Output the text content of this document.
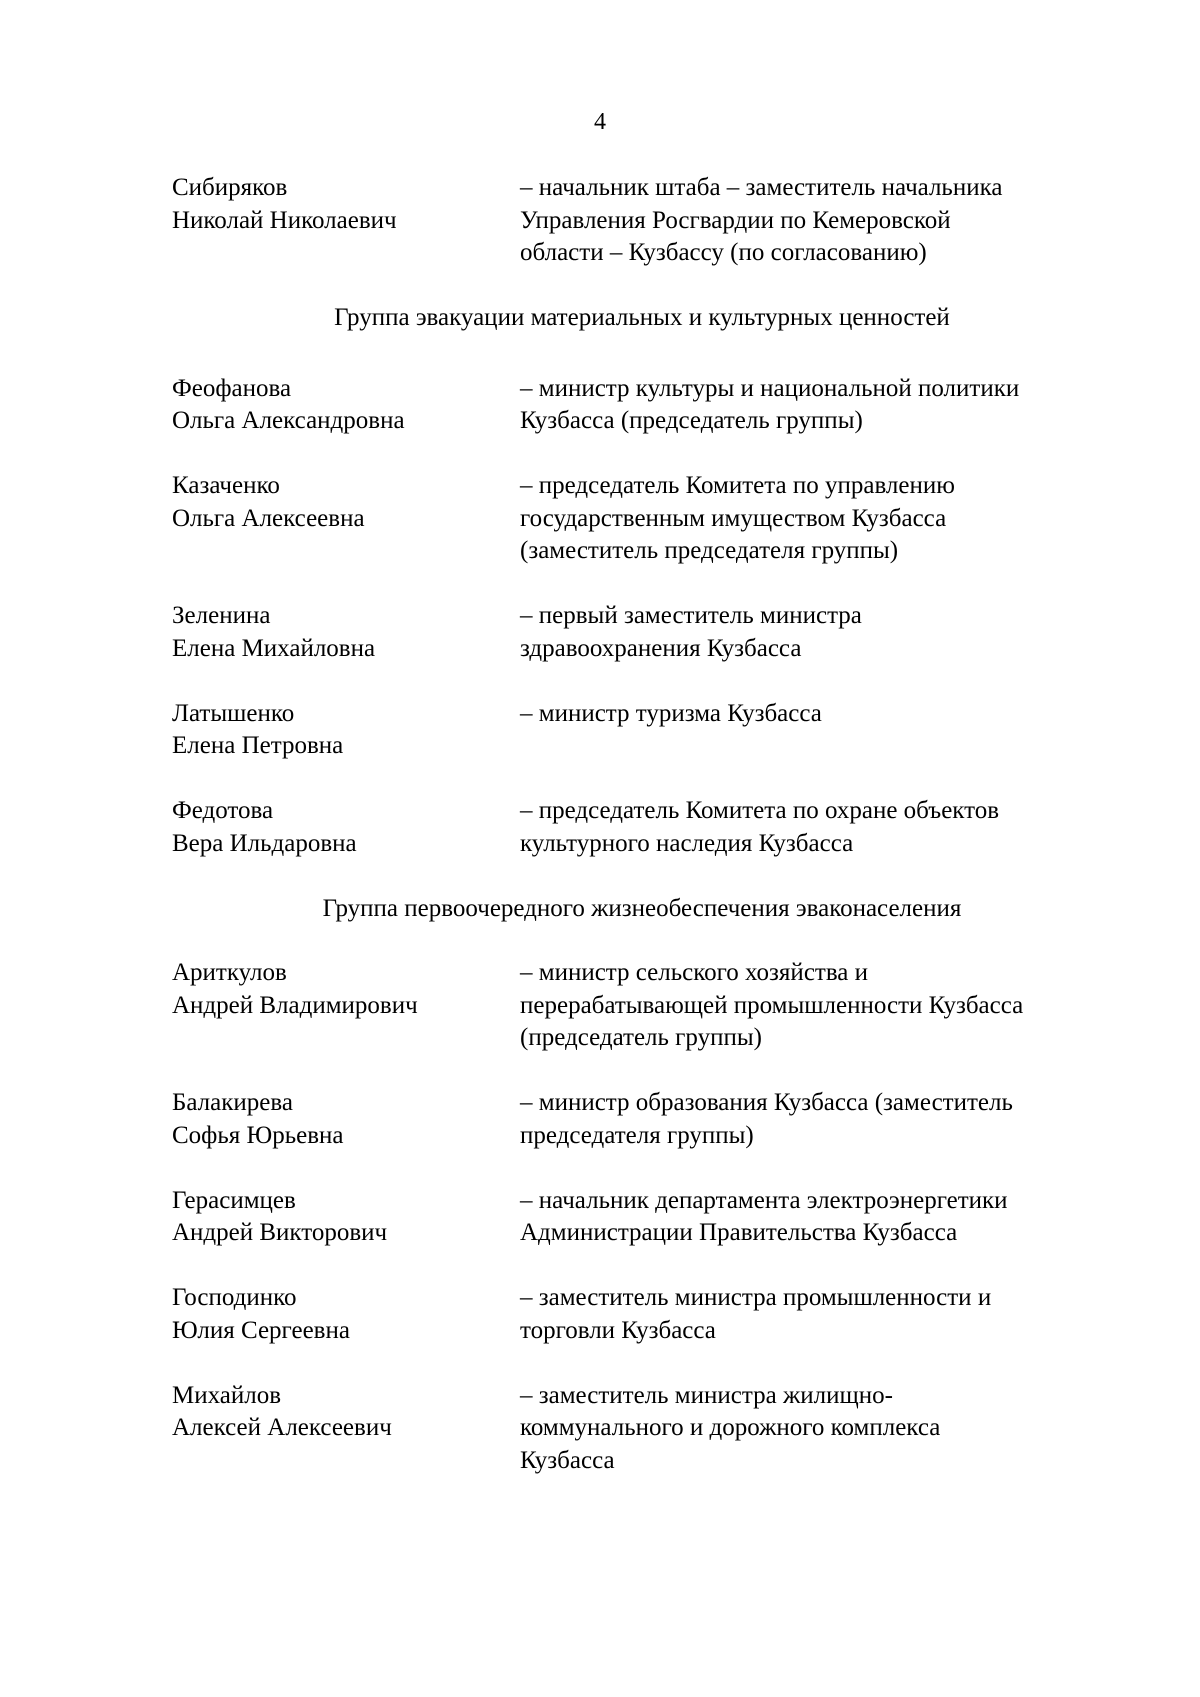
4
Сибиряков
Николай Николаевич
– начальник штаба – заместитель начальника
Управления Росгвардии по Кемеровской
области – Кузбассу (по согласованию)
Группа эвакуации материальных и культурных ценностей
Феофанова
Ольга Александровна
– министр культуры и национальной политики
Кузбасса (председатель группы)
Казаченко
Ольга Алексеевна
– председатель Комитета по управлению
государственным имуществом Кузбасса
(заместитель председателя группы)
Зеленина
Елена Михайловна
– первый заместитель министра
здравоохранения Кузбасса
Латышенко
Елена Петровна
– министр туризма Кузбасса
Федотова
Вера Ильдаровна
– председатель Комитета по охране объектов
культурного наследия Кузбасса
Группа первоочередного жизнеобеспечения эваконаселения
Ариткулов
Андрей Владимирович
– министр сельского хозяйства и
перерабатывающей промышленности Кузбасса
(председатель группы)
Балакирева
Софья Юрьевна
– министр образования Кузбасса (заместитель
председателя группы)
Герасимцев
Андрей Викторович
– начальник департамента электроэнергетики
Администрации Правительства Кузбасса
Господинко
Юлия Сергеевна
– заместитель министра промышленности и
торговли Кузбасса
Михайлов
Алексей Алексеевич
– заместитель министра жилищно-
коммунального и дорожного комплекса
Кузбасса
